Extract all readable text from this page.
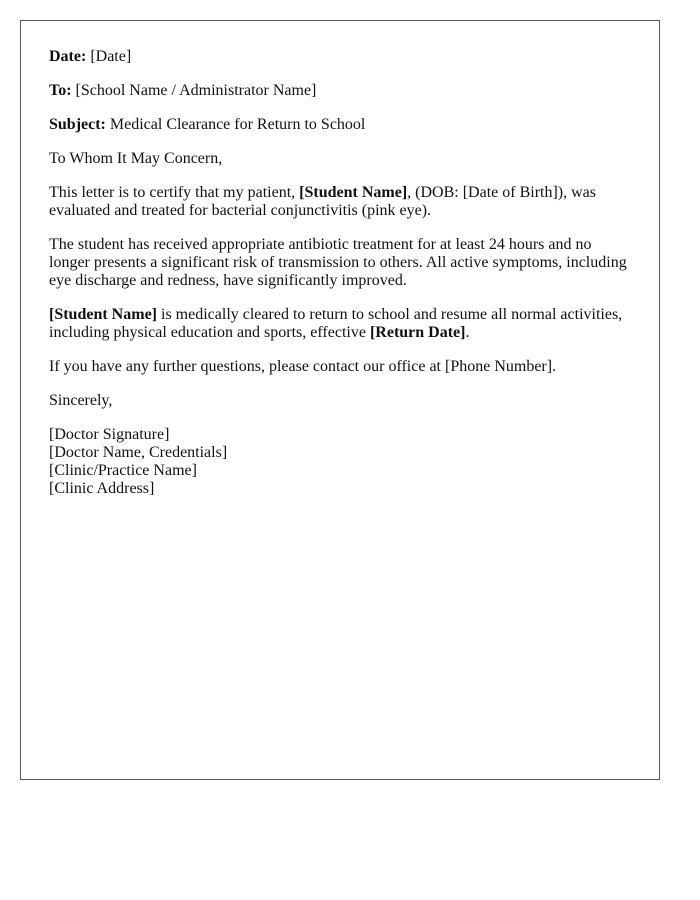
Date: [Date]
To: [School Name / Administrator Name]
Subject: Medical Clearance for Return to School
To Whom It May Concern,
This letter is to certify that my patient, [Student Name], (DOB: [Date of Birth]), was evaluated and treated for bacterial conjunctivitis (pink eye).
The student has received appropriate antibiotic treatment for at least 24 hours and no longer presents a significant risk of transmission to others. All active symptoms, including eye discharge and redness, have significantly improved.
[Student Name] is medically cleared to return to school and resume all normal activities, including physical education and sports, effective [Return Date].
If you have any further questions, please contact our office at [Phone Number].
Sincerely,
[Doctor Signature]
[Doctor Name, Credentials]
[Clinic/Practice Name]
[Clinic Address]
